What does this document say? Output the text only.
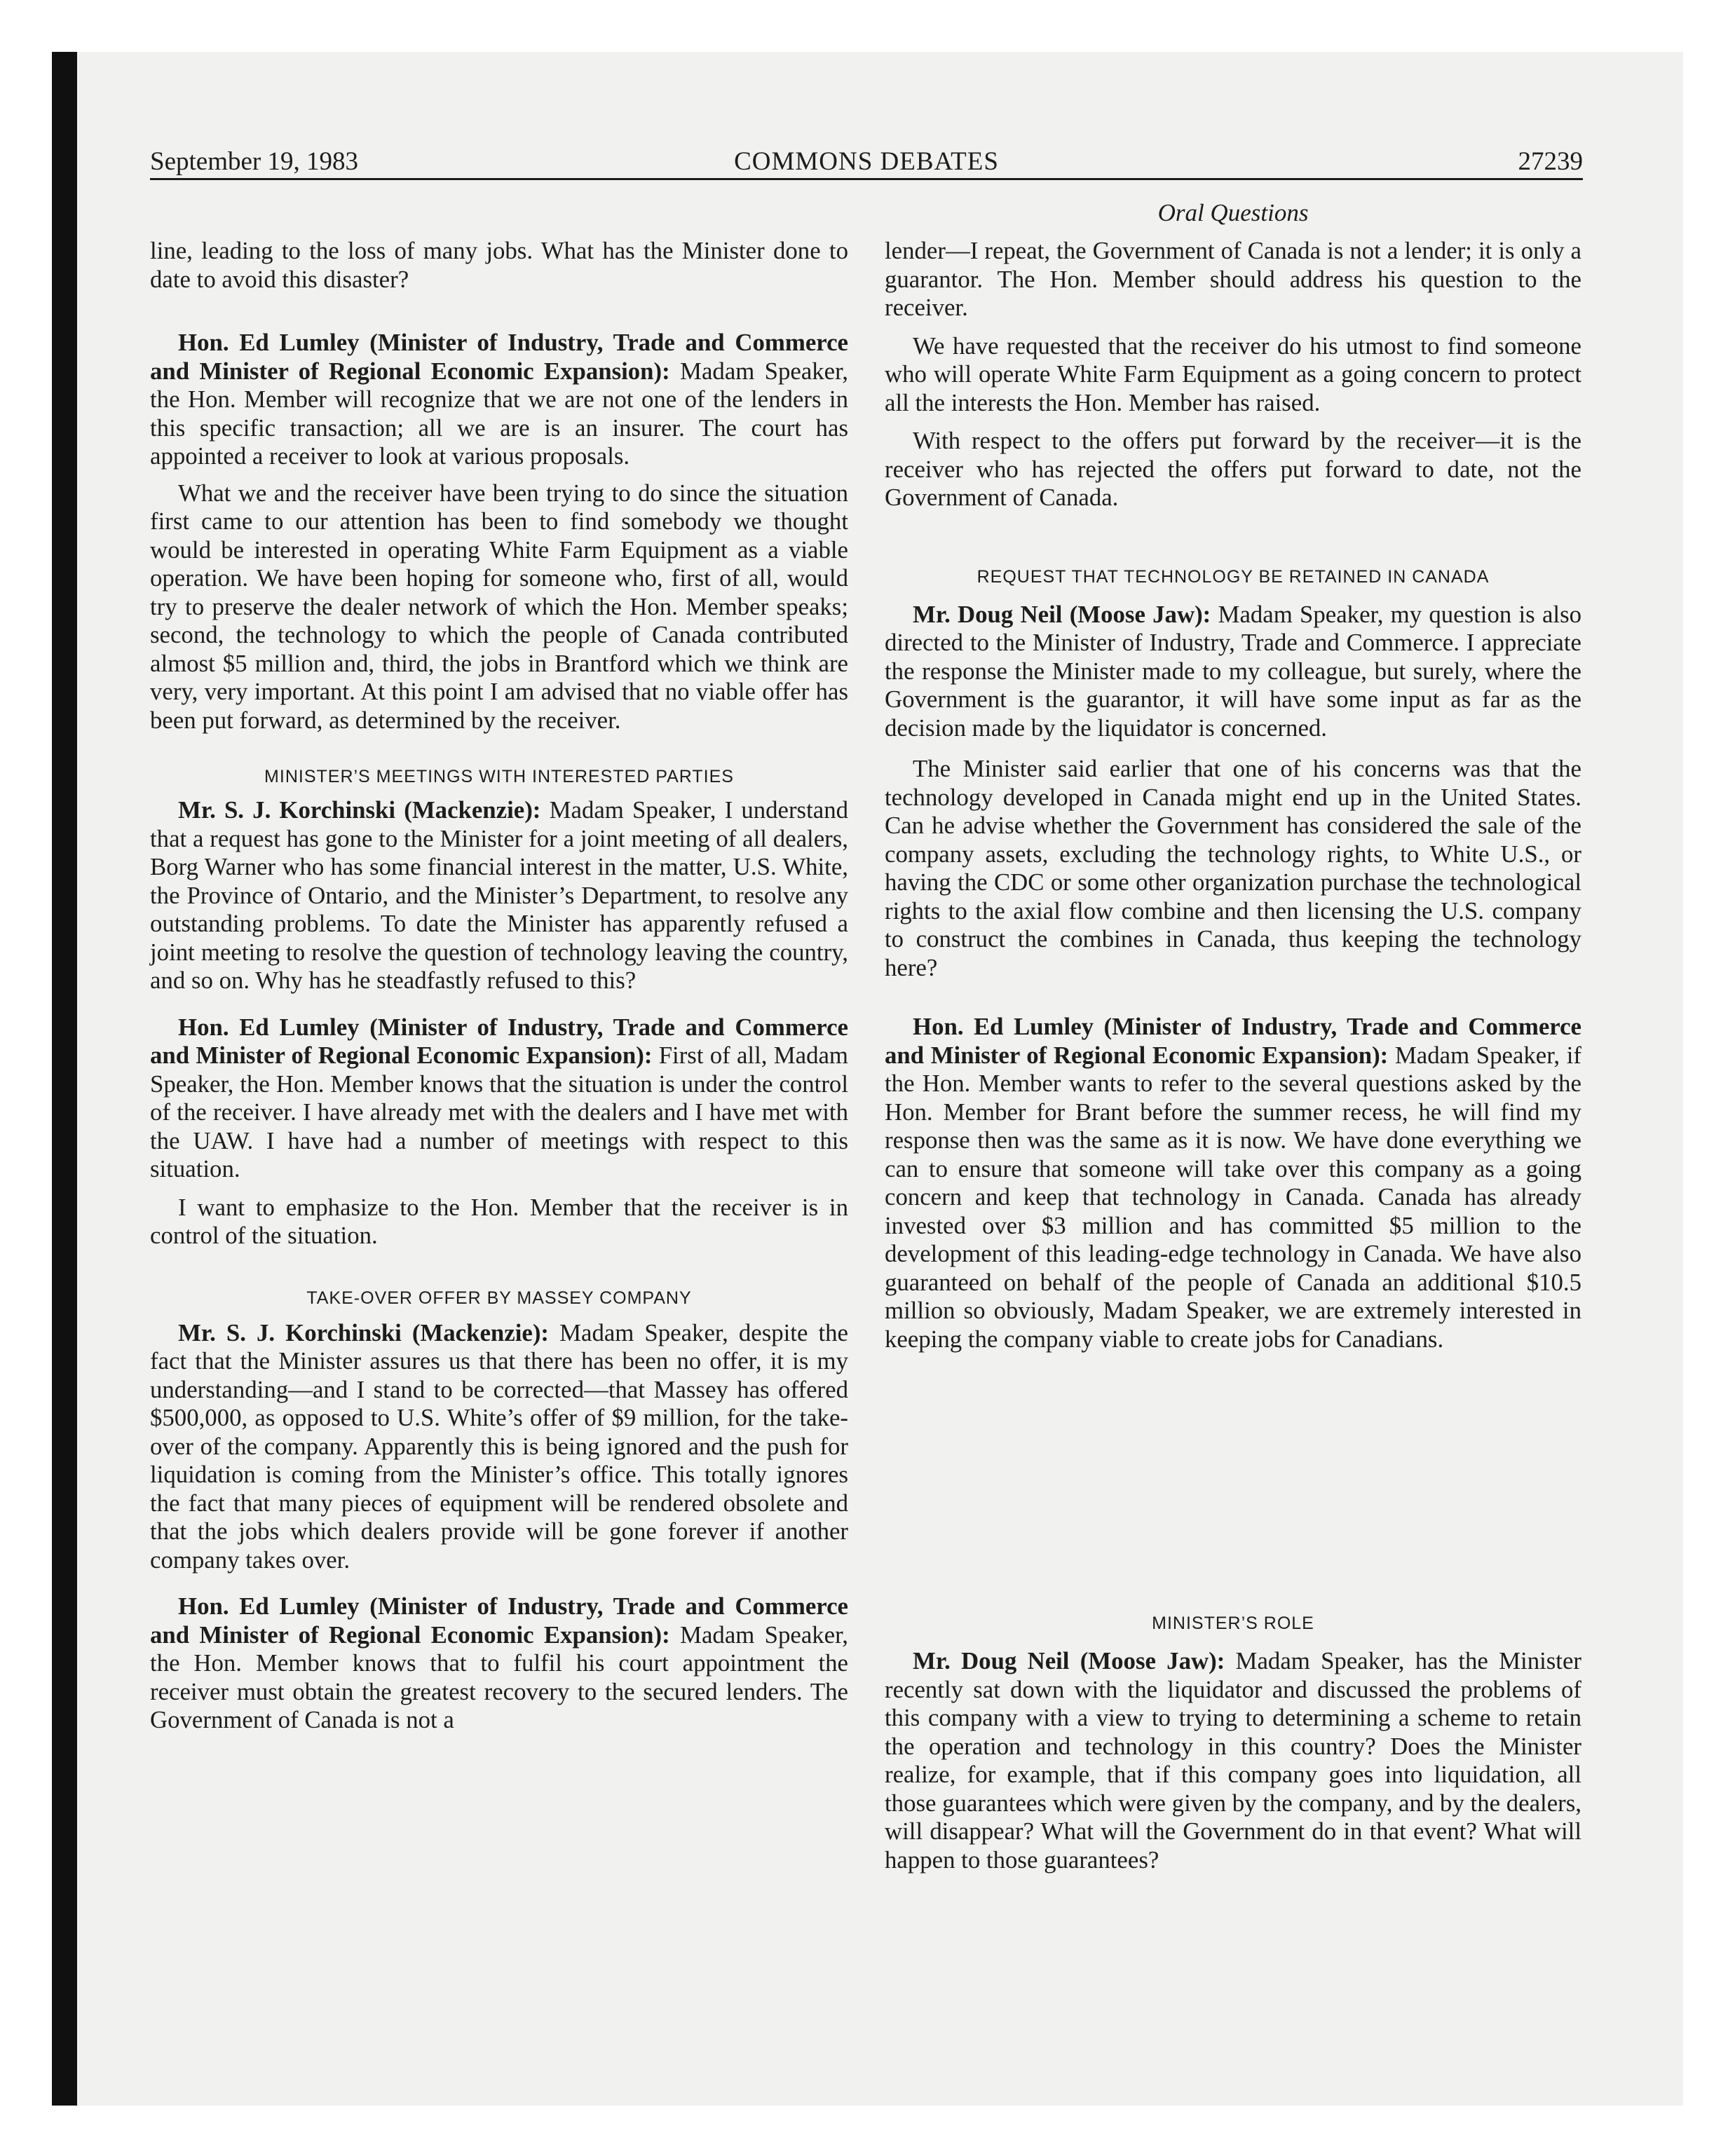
September 19, 1983	COMMONS DEBATES	27239
Oral Questions

line, leading to the loss of many jobs. What has the Minister done to date to avoid this disaster?

Hon. Ed Lumley (Minister of Industry, Trade and Commerce and Minister of Regional Economic Expansion): Madam Speaker, the Hon. Member will recognize that we are not one of the lenders in this specific transaction; all we are is an insurer. The court has appointed a receiver to look at various proposals.

What we and the receiver have been trying to do since the situation first came to our attention has been to find somebody we thought would be interested in operating White Farm Equipment as a viable operation. We have been hoping for someone who, first of all, would try to preserve the dealer network of which the Hon. Member speaks; second, the technology to which the people of Canada contributed almost $5 million and, third, the jobs in Brantford which we think are very, very important. At this point I am advised that no viable offer has been put forward, as determined by the receiver.

MINISTER’S MEETINGS WITH INTERESTED PARTIES

Mr. S. J. Korchinski (Mackenzie): Madam Speaker, I understand that a request has gone to the Minister for a joint meeting of all dealers, Borg Warner who has some financial interest in the matter, U.S. White, the Province of Ontario, and the Minister’s Department, to resolve any outstanding problems. To date the Minister has apparently refused a joint meeting to resolve the question of technology leaving the country, and so on. Why has he steadfastly refused to this?

Hon. Ed Lumley (Minister of Industry, Trade and Commerce and Minister of Regional Economic Expansion): First of all, Madam Speaker, the Hon. Member knows that the situation is under the control of the receiver. I have already met with the dealers and I have met with the UAW. I have had a number of meetings with respect to this situation.

I want to emphasize to the Hon. Member that the receiver is in control of the situation.

TAKE-OVER OFFER BY MASSEY COMPANY

Mr. S. J. Korchinski (Mackenzie): Madam Speaker, despite the fact that the Minister assures us that there has been no offer, it is my understanding—and I stand to be corrected—that Massey has offered $500,000, as opposed to U.S. White’s offer of $9 million, for the take-over of the company. Apparently this is being ignored and the push for liquidation is coming from the Minister’s office. This totally ignores the fact that many pieces of equipment will be rendered obsolete and that the jobs which dealers provide will be gone forever if another company takes over.

Hon. Ed Lumley (Minister of Industry, Trade and Commerce and Minister of Regional Economic Expansion): Madam Speaker, the Hon. Member knows that to fulfil his court appointment the receiver must obtain the greatest recovery to the secured lenders. The Government of Canada is not a

lender—I repeat, the Government of Canada is not a lender; it is only a guarantor. The Hon. Member should address his question to the receiver.

We have requested that the receiver do his utmost to find someone who will operate White Farm Equipment as a going concern to protect all the interests the Hon. Member has raised.

With respect to the offers put forward by the receiver—it is the receiver who has rejected the offers put forward to date, not the Government of Canada.

REQUEST THAT TECHNOLOGY BE RETAINED IN CANADA

Mr. Doug Neil (Moose Jaw): Madam Speaker, my question is also directed to the Minister of Industry, Trade and Commerce. I appreciate the response the Minister made to my colleague, but surely, where the Government is the guarantor, it will have some input as far as the decision made by the liquidator is concerned.

The Minister said earlier that one of his concerns was that the technology developed in Canada might end up in the United States. Can he advise whether the Government has considered the sale of the company assets, excluding the technology rights, to White U.S., or having the CDC or some other organization purchase the technological rights to the axial flow combine and then licensing the U.S. company to construct the combines in Canada, thus keeping the technology here?

Hon. Ed Lumley (Minister of Industry, Trade and Commerce and Minister of Regional Economic Expansion): Madam Speaker, if the Hon. Member wants to refer to the several questions asked by the Hon. Member for Brant before the summer recess, he will find my response then was the same as it is now. We have done everything we can to ensure that someone will take over this company as a going concern and keep that technology in Canada. Canada has already invested over $3 million and has committed $5 million to the development of this leading-edge technology in Canada. We have also guaranteed on behalf of the people of Canada an additional $10.5 million so obviously, Madam Speaker, we are extremely interested in keeping the company viable to create jobs for Canadians.

MINISTER’S ROLE

Mr. Doug Neil (Moose Jaw): Madam Speaker, has the Minister recently sat down with the liquidator and discussed the problems of this company with a view to trying to determining a scheme to retain the operation and technology in this country? Does the Minister realize, for example, that if this company goes into liquidation, all those guarantees which were given by the company, and by the dealers, will disappear? What will the Government do in that event? What will happen to those guarantees?
